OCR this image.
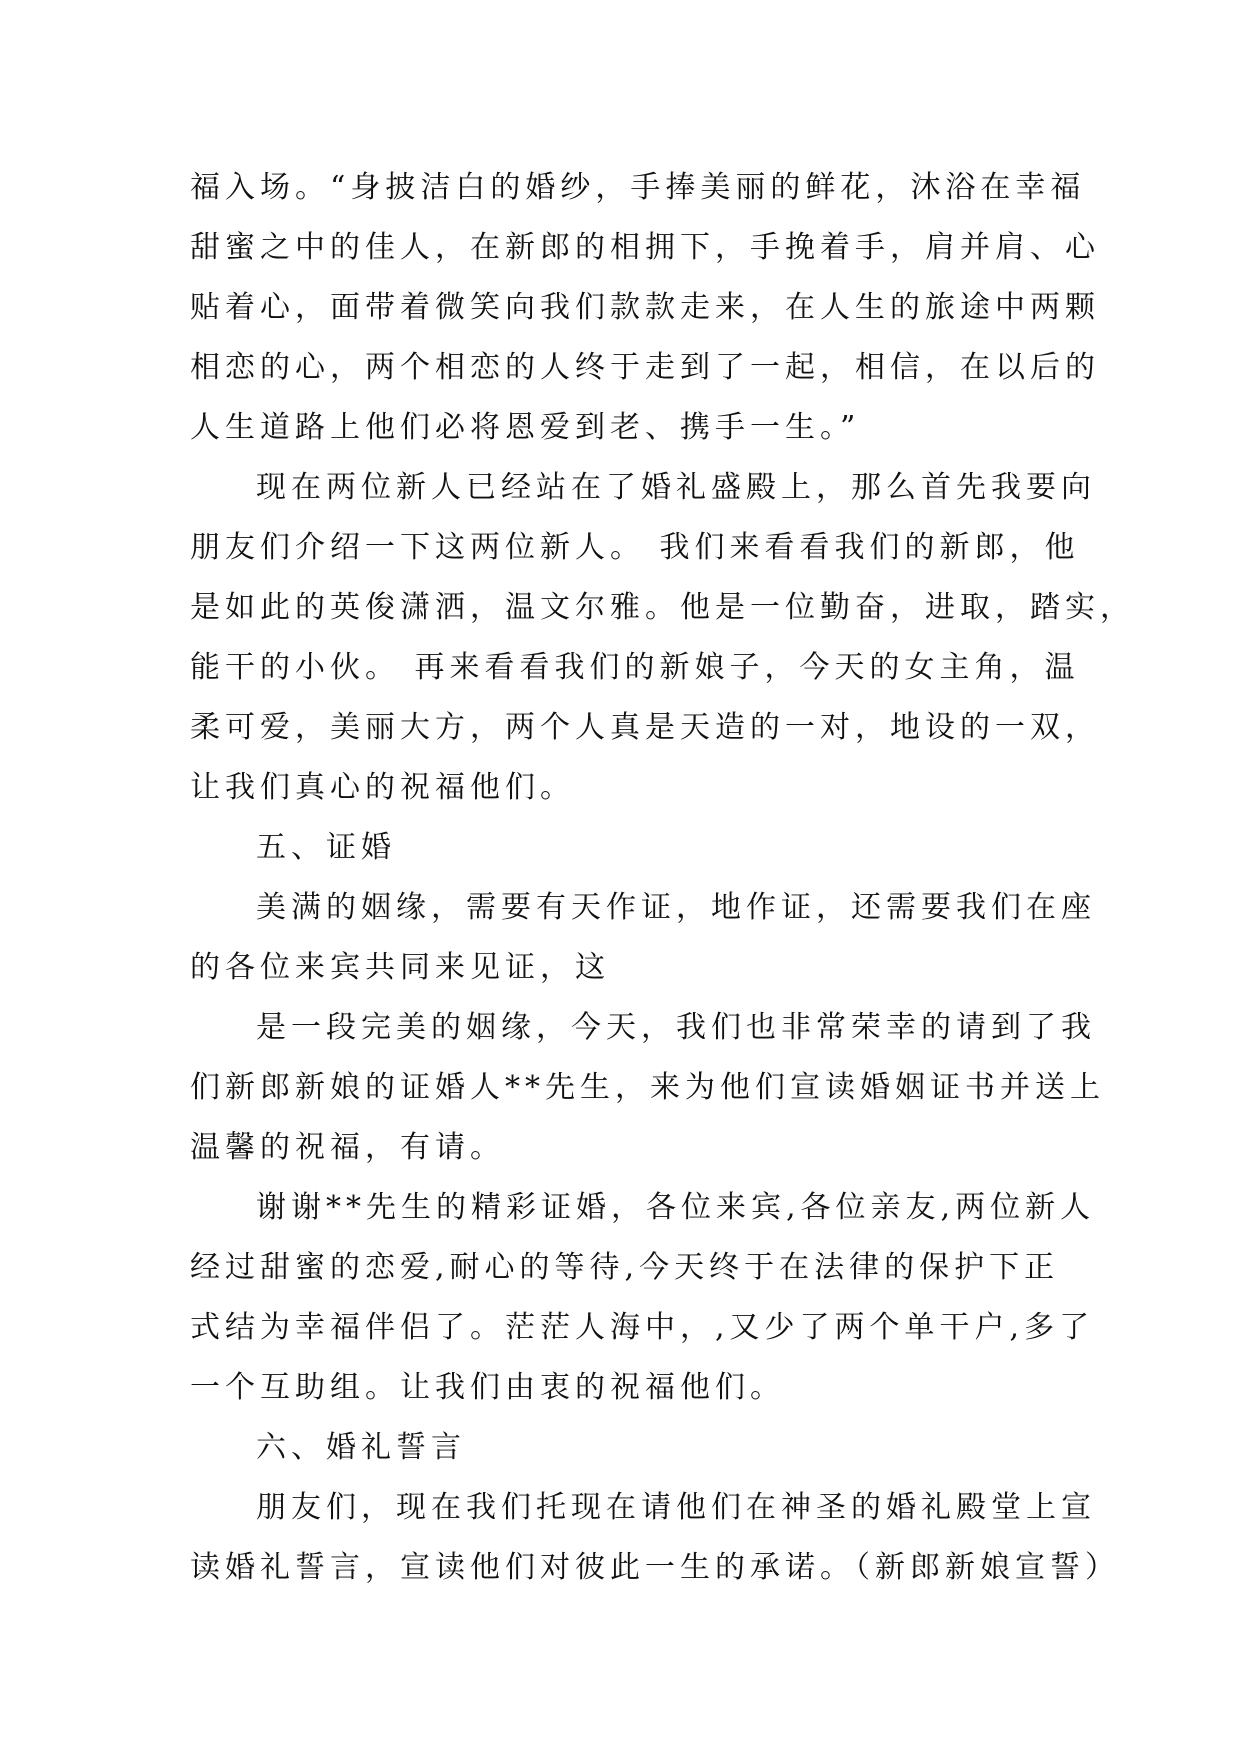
福入场。“身披洁白的婚纱，手捧美丽的鲜花，沐浴在幸福
甜蜜之中的佳人，在新郎的相拥下，手挽着手，肩并肩、心
贴着心，面带着微笑向我们款款走来，在人生的旅途中两颗
相恋的心，两个相恋的人终于走到了一起，相信，在以后的
人生道路上他们必将恩爱到老、携手一生。”
现在两位新人已经站在了婚礼盛殿上，那么首先我要向
朋友们介绍一下这两位新人。 我们来看看我们的新郎，他
是如此的英俊潇洒，温文尔雅。他是一位勤奋，进取，踏实，
能干的小伙。 再来看看我们的新娘子，今天的女主角，温
柔可爱，美丽大方，两个人真是天造的一对，地设的一双，
让我们真心的祝福他们。
五、证婚
美满的姻缘，需要有天作证，地作证，还需要我们在座
的各位来宾共同来见证，这
是一段完美的姻缘，今天，我们也非常荣幸的请到了我
们新郎新娘的证婚人**先生，来为他们宣读婚姻证书并送上
温馨的祝福，有请。
谢谢**先生的精彩证婚，各位来宾,各位亲友,两位新人
经过甜蜜的恋爱,耐心的等待,今天终于在法律的保护下正
式结为幸福伴侣了。茫茫人海中，,又少了两个单干户,多了
一个互助组。让我们由衷的祝福他们。
六、婚礼誓言
朋友们，现在我们托现在请他们在神圣的婚礼殿堂上宣
读婚礼誓言，宣读他们对彼此一生的承诺。（新郎新娘宣誓）
